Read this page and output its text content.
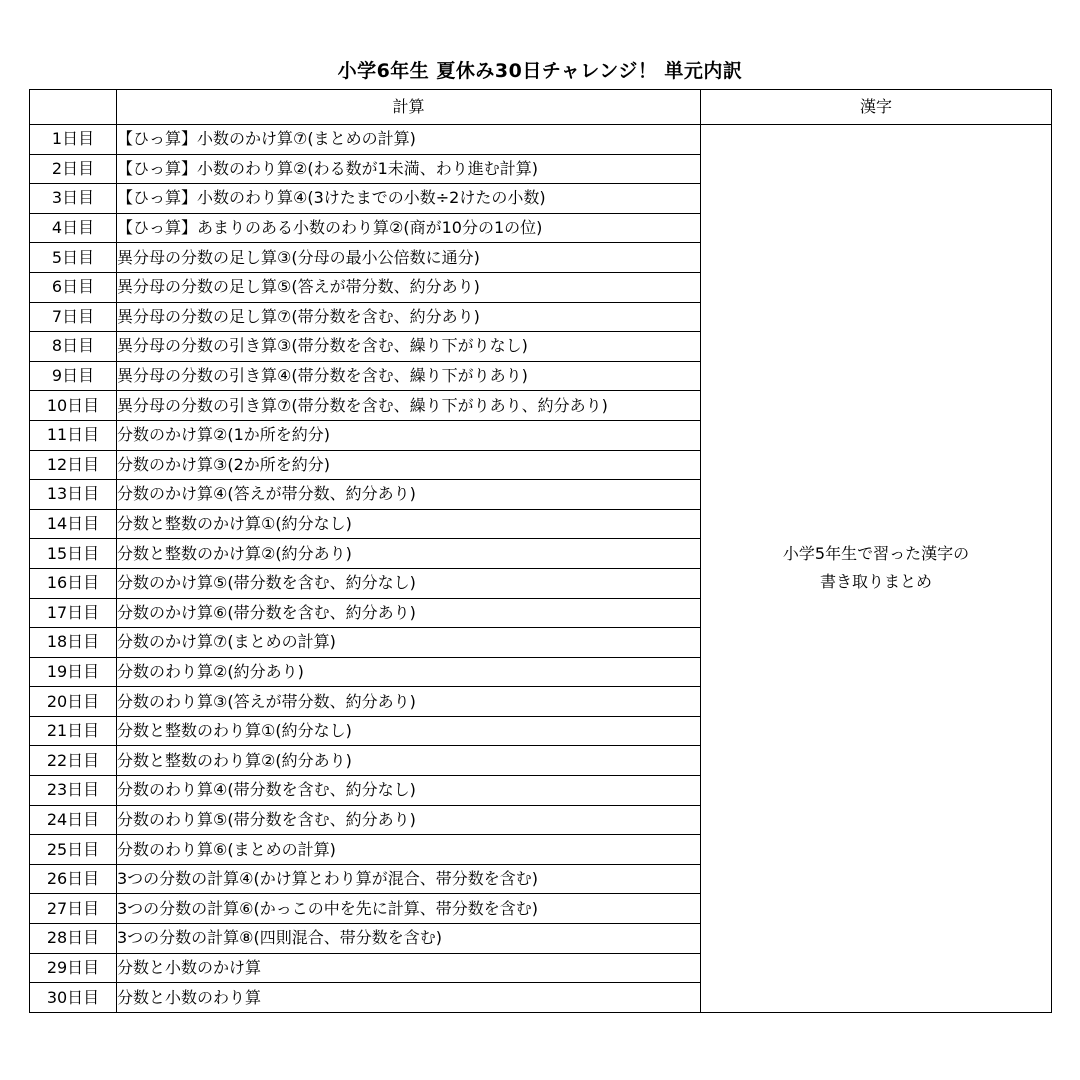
小学6年生 夏休み30日チャレンジ！ 単元内訳
	計算	漢字
1日目	【ひっ算】小数のかけ算⑦(まとめの計算)	小学5年生で習った漢字の
書き取りまとめ

2日目	【ひっ算】小数のわり算②(わる数が1未満、わり進む計算)	
3日目	【ひっ算】小数のわり算④(3けたまでの小数÷2けたの小数)	
4日目	【ひっ算】あまりのある小数のわり算②(商が10分の1の位)	
5日目	異分母の分数の足し算③(分母の最小公倍数に通分)	
6日目	異分母の分数の足し算⑤(答えが帯分数、約分あり)	
7日目	異分母の分数の足し算⑦(帯分数を含む、約分あり)	
8日目	異分母の分数の引き算③(帯分数を含む、繰り下がりなし)	
9日目	異分母の分数の引き算④(帯分数を含む、繰り下がりあり)	
10日目	異分母の分数の引き算⑦(帯分数を含む、繰り下がりあり、約分あり)	
11日目	分数のかけ算②(1か所を約分)	
12日目	分数のかけ算③(2か所を約分)	
13日目	分数のかけ算④(答えが帯分数、約分あり)	
14日目	分数と整数のかけ算①(約分なし)	
15日目	分数と整数のかけ算②(約分あり)	
16日目	分数のかけ算⑤(帯分数を含む、約分なし)	
17日目	分数のかけ算⑥(帯分数を含む、約分あり)	
18日目	分数のかけ算⑦(まとめの計算)	
19日目	分数のわり算②(約分あり)	
20日目	分数のわり算③(答えが帯分数、約分あり)	
21日目	分数と整数のわり算①(約分なし)	
22日目	分数と整数のわり算②(約分あり)	
23日目	分数のわり算④(帯分数を含む、約分なし)	
24日目	分数のわり算⑤(帯分数を含む、約分あり)	
25日目	分数のわり算⑥(まとめの計算)	
26日目	3つの分数の計算④(かけ算とわり算が混合、帯分数を含む)	
27日目	3つの分数の計算⑥(かっこの中を先に計算、帯分数を含む)	
28日目	3つの分数の計算⑧(四則混合、帯分数を含む)	
29日目	分数と小数のかけ算	
30日目	分数と小数のわり算	
